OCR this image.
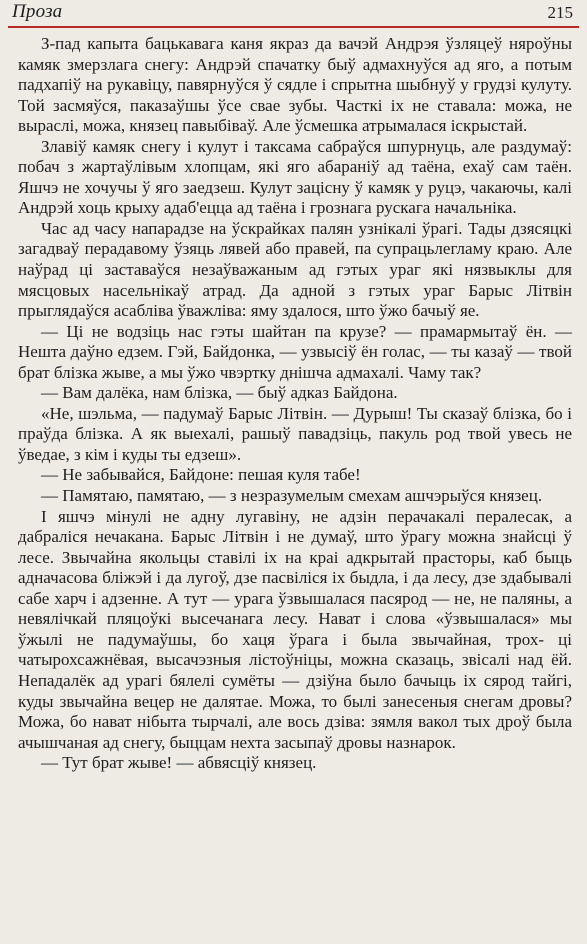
Проза	215

З-пад капыта бацькавага каня якраз да вачэй Андрэя ўзляцеў няроўны камяк змерзлага снегу: Андрэй спачатку быў адмахнуўся ад яго, а потым падхапіў на рукавіцу, павярнуўся ў сядле і спрытна шыбнуў у грудзі кулуту. Той засмяўся, паказаўшы ўсе свае зубы. Часткі іх не ставала: можа, не выраслі, можа, князец павыбіваў. Але ўсмешка атрымалася іскрыстай.

Злавіў камяк снегу і кулут і таксама сабраўся шпурнуць, але раздумаў: побач з жартаўлівым хлопцам, які яго абараніў ад таёна, ехаў сам таён. Яшчэ не хочучы ў яго заедзеш. Кулут зацісну ў камяк у руцэ, чакаючы, калі Андрэй хоць крыху адаб'еццa ад таёна і грознага рускага начальніка.

Час ад часу напарадзе на ўскрайках палян узнікалі ўрагі. Тады дзясяцкі загадваў перадавому ўзяць лявей або правей, па супрацьлегламу краю. Але наўрад ці заставаўся незаўважаным ад гэтых ураг які нязвыклы для мясцовых насельнікаў атрад. Да адной з гэтых ураг Барыс Літвін прыглядаўся асабліва ўважліва: яму здалося, што ўжо бачыў яе.

— Ці не водзіць нас гэты шайтан па крузе? — прамармытаў ён. — Нешта даўно едзем. Гэй, Байдонка, — узвысіў ён голас, — ты казаў — твой брат блізка жыве, а мы ўжо чвэртку днішча адмахалі. Чаму так?

— Вам далёка, нам блізка, — быў адказ Байдона.

«Не, шэльма, — падумаў Барыс Літвін. — Дурыш! Ты сказаў блізка, бо і праўда блізка. А як выехалі, рашыў павадзіць, пакуль род твой увесь не ўведае, з кім і куды ты едзеш».

— Не забывайся, Байдоне: пешая куля табе!

— Памятаю, памятаю, — з незразумелым смехам ашчэрыўся князец.

І яшчэ мінулі не адну лугавіну, не адзін перачакалі пералесак, а дабраліся нечакана. Барыс Літвін і не думаў, што ўрагу можна знайсці ў лесе. Звычайна якольцы ставілі іх на краі адкрытай прасторы, каб быць адначасова бліжэй і да лугоў, дзе пасвіліся іх быдла, і да лесу, дзе здабывалі сабе харч і адзенне. А тут — урага ўзвышалася пасярод — не, не паляны, а невялічкай пляцоўкі высечанага лесу. Нават і слова «ўзвышалася» мы ўжылі не падумаўшы, бо хаця ўрага і была звычайная, трох- ці чатырохсажнёвая, высачэзныя лістоўніцы, можна сказаць, звісалі над ёй. Непадалёк ад урагі бялелі сумёты — дзіўна было бачыць іх сярод тайгі, куды звычайна вецер не далятае. Можа, то былі занесеныя снегам дровы? Можа, бо нават нібыта тырчалі, але вось дзіва: зямля вакол тых дроў была ачышчаная ад снегу, быццам нехта засыпаў дровы назнарок.

— Тут брат жыве! — абвясціў князец.
